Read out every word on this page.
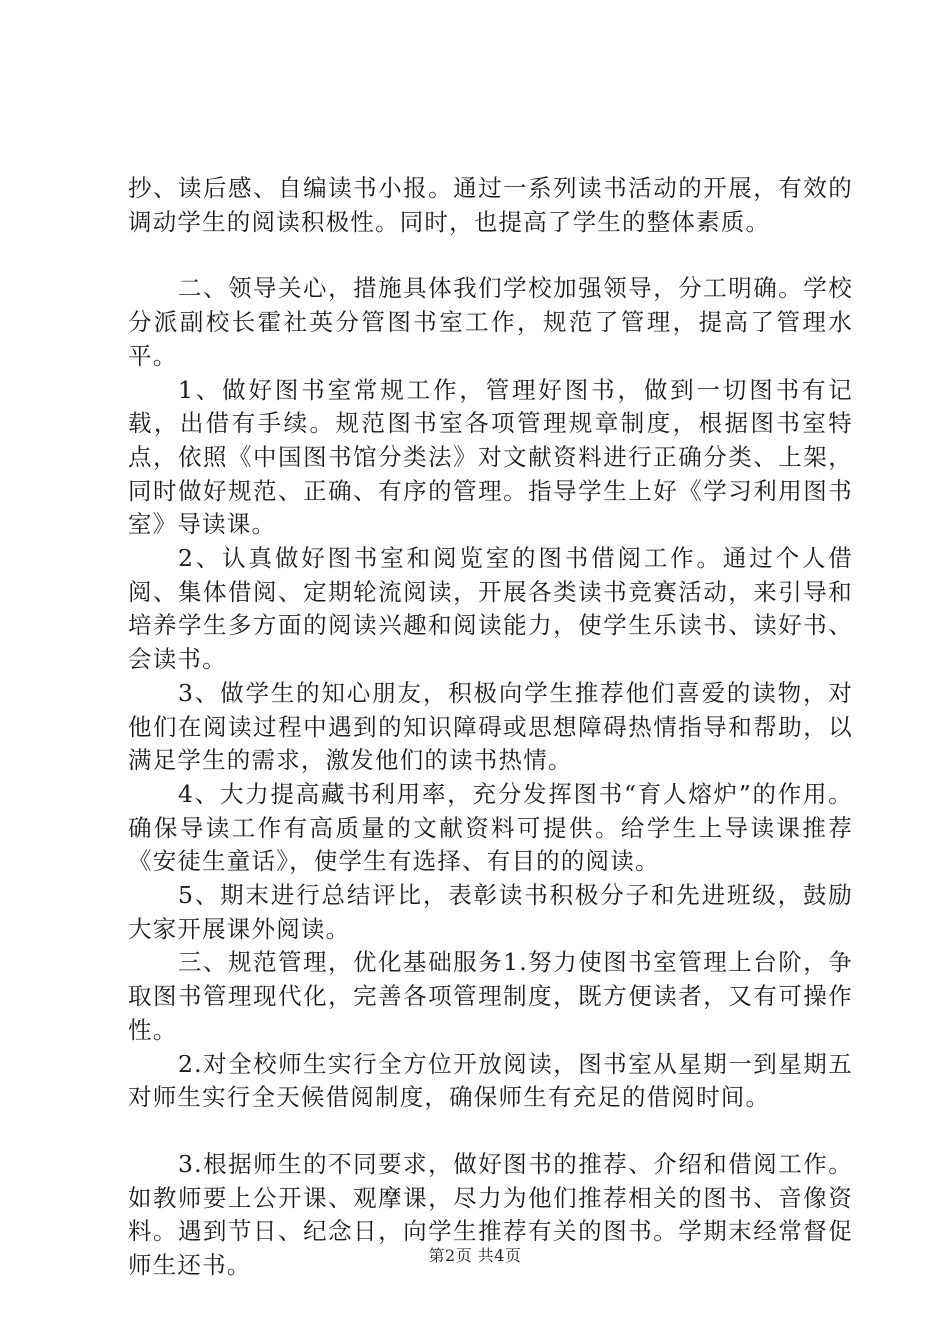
抄、读后感、自编读书小报。通过一系列读书活动的开展，有效的调动学生的阅读积极性。同时，也提高了学生的整体素质。

二、领导关心，措施具体我们学校加强领导，分工明确。学校分派副校长霍社英分管图书室工作，规范了管理，提高了管理水平。

1、做好图书室常规工作，管理好图书，做到一切图书有记载，出借有手续。规范图书室各项管理规章制度，根据图书室特点，依照《中国图书馆分类法》对文献资料进行正确分类、上架，同时做好规范、正确、有序的管理。指导学生上好《学习利用图书室》导读课。

2、认真做好图书室和阅览室的图书借阅工作。通过个人借阅、集体借阅、定期轮流阅读，开展各类读书竞赛活动，来引导和培养学生多方面的阅读兴趣和阅读能力，使学生乐读书、读好书、会读书。

3、做学生的知心朋友，积极向学生推荐他们喜爱的读物，对他们在阅读过程中遇到的知识障碍或思想障碍热情指导和帮助，以满足学生的需求，激发他们的读书热情。

4、大力提高藏书利用率，充分发挥图书“育人熔炉”的作用。确保导读工作有高质量的文献资料可提供。给学生上导读课推荐《安徒生童话》，使学生有选择、有目的的阅读。

5、期末进行总结评比，表彰读书积极分子和先进班级，鼓励大家开展课外阅读。

三、规范管理，优化基础服务1.努力使图书室管理上台阶，争取图书管理现代化，完善各项管理制度，既方便读者，又有可操作性。

2.对全校师生实行全方位开放阅读，图书室从星期一到星期五对师生实行全天候借阅制度，确保师生有充足的借阅时间。

3.根据师生的不同要求，做好图书的推荐、介绍和借阅工作。如教师要上公开课、观摩课，尽力为他们推荐相关的图书、音像资料。遇到节日、纪念日，向学生推荐有关的图书。学期末经常督促师生还书。	第2页 共4页
